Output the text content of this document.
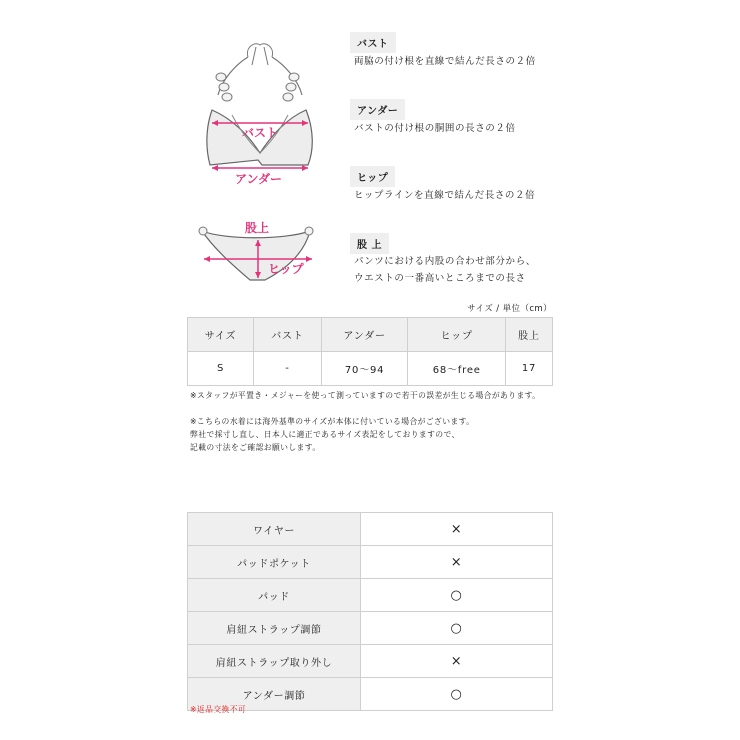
バスト
アンダー
股上
ヒップ
バスト
両脇の付け根を直線で結んだ長さの２倍
アンダー
バストの付け根の胴囲の長さの２倍
ヒップ
ヒップラインを直線で結んだ長さの２倍
股 上
パンツにおける内股の合わせ部分から、
ウエストの一番高いところまでの長さ
サイズ / 単位（cm）
サイズ	バスト	アンダー	ヒップ	股上
S	-	70〜94	68〜free	17
※スタッフが平置き・メジャーを使って測っていますので若干の誤差が生じる場合があります。
※こちらの水着には海外基準のサイズが本体に付いている場合がございます。
弊社で採寸し直し、日本人に適正であるサイズ表記をしておりますので、
記載の寸法をご確認お願いします。
ワイヤー	×
パッドポケット	×
パッド	○
肩紐ストラップ調節	○
肩紐ストラップ取り外し	×
アンダー調節	○
※返品交換不可
